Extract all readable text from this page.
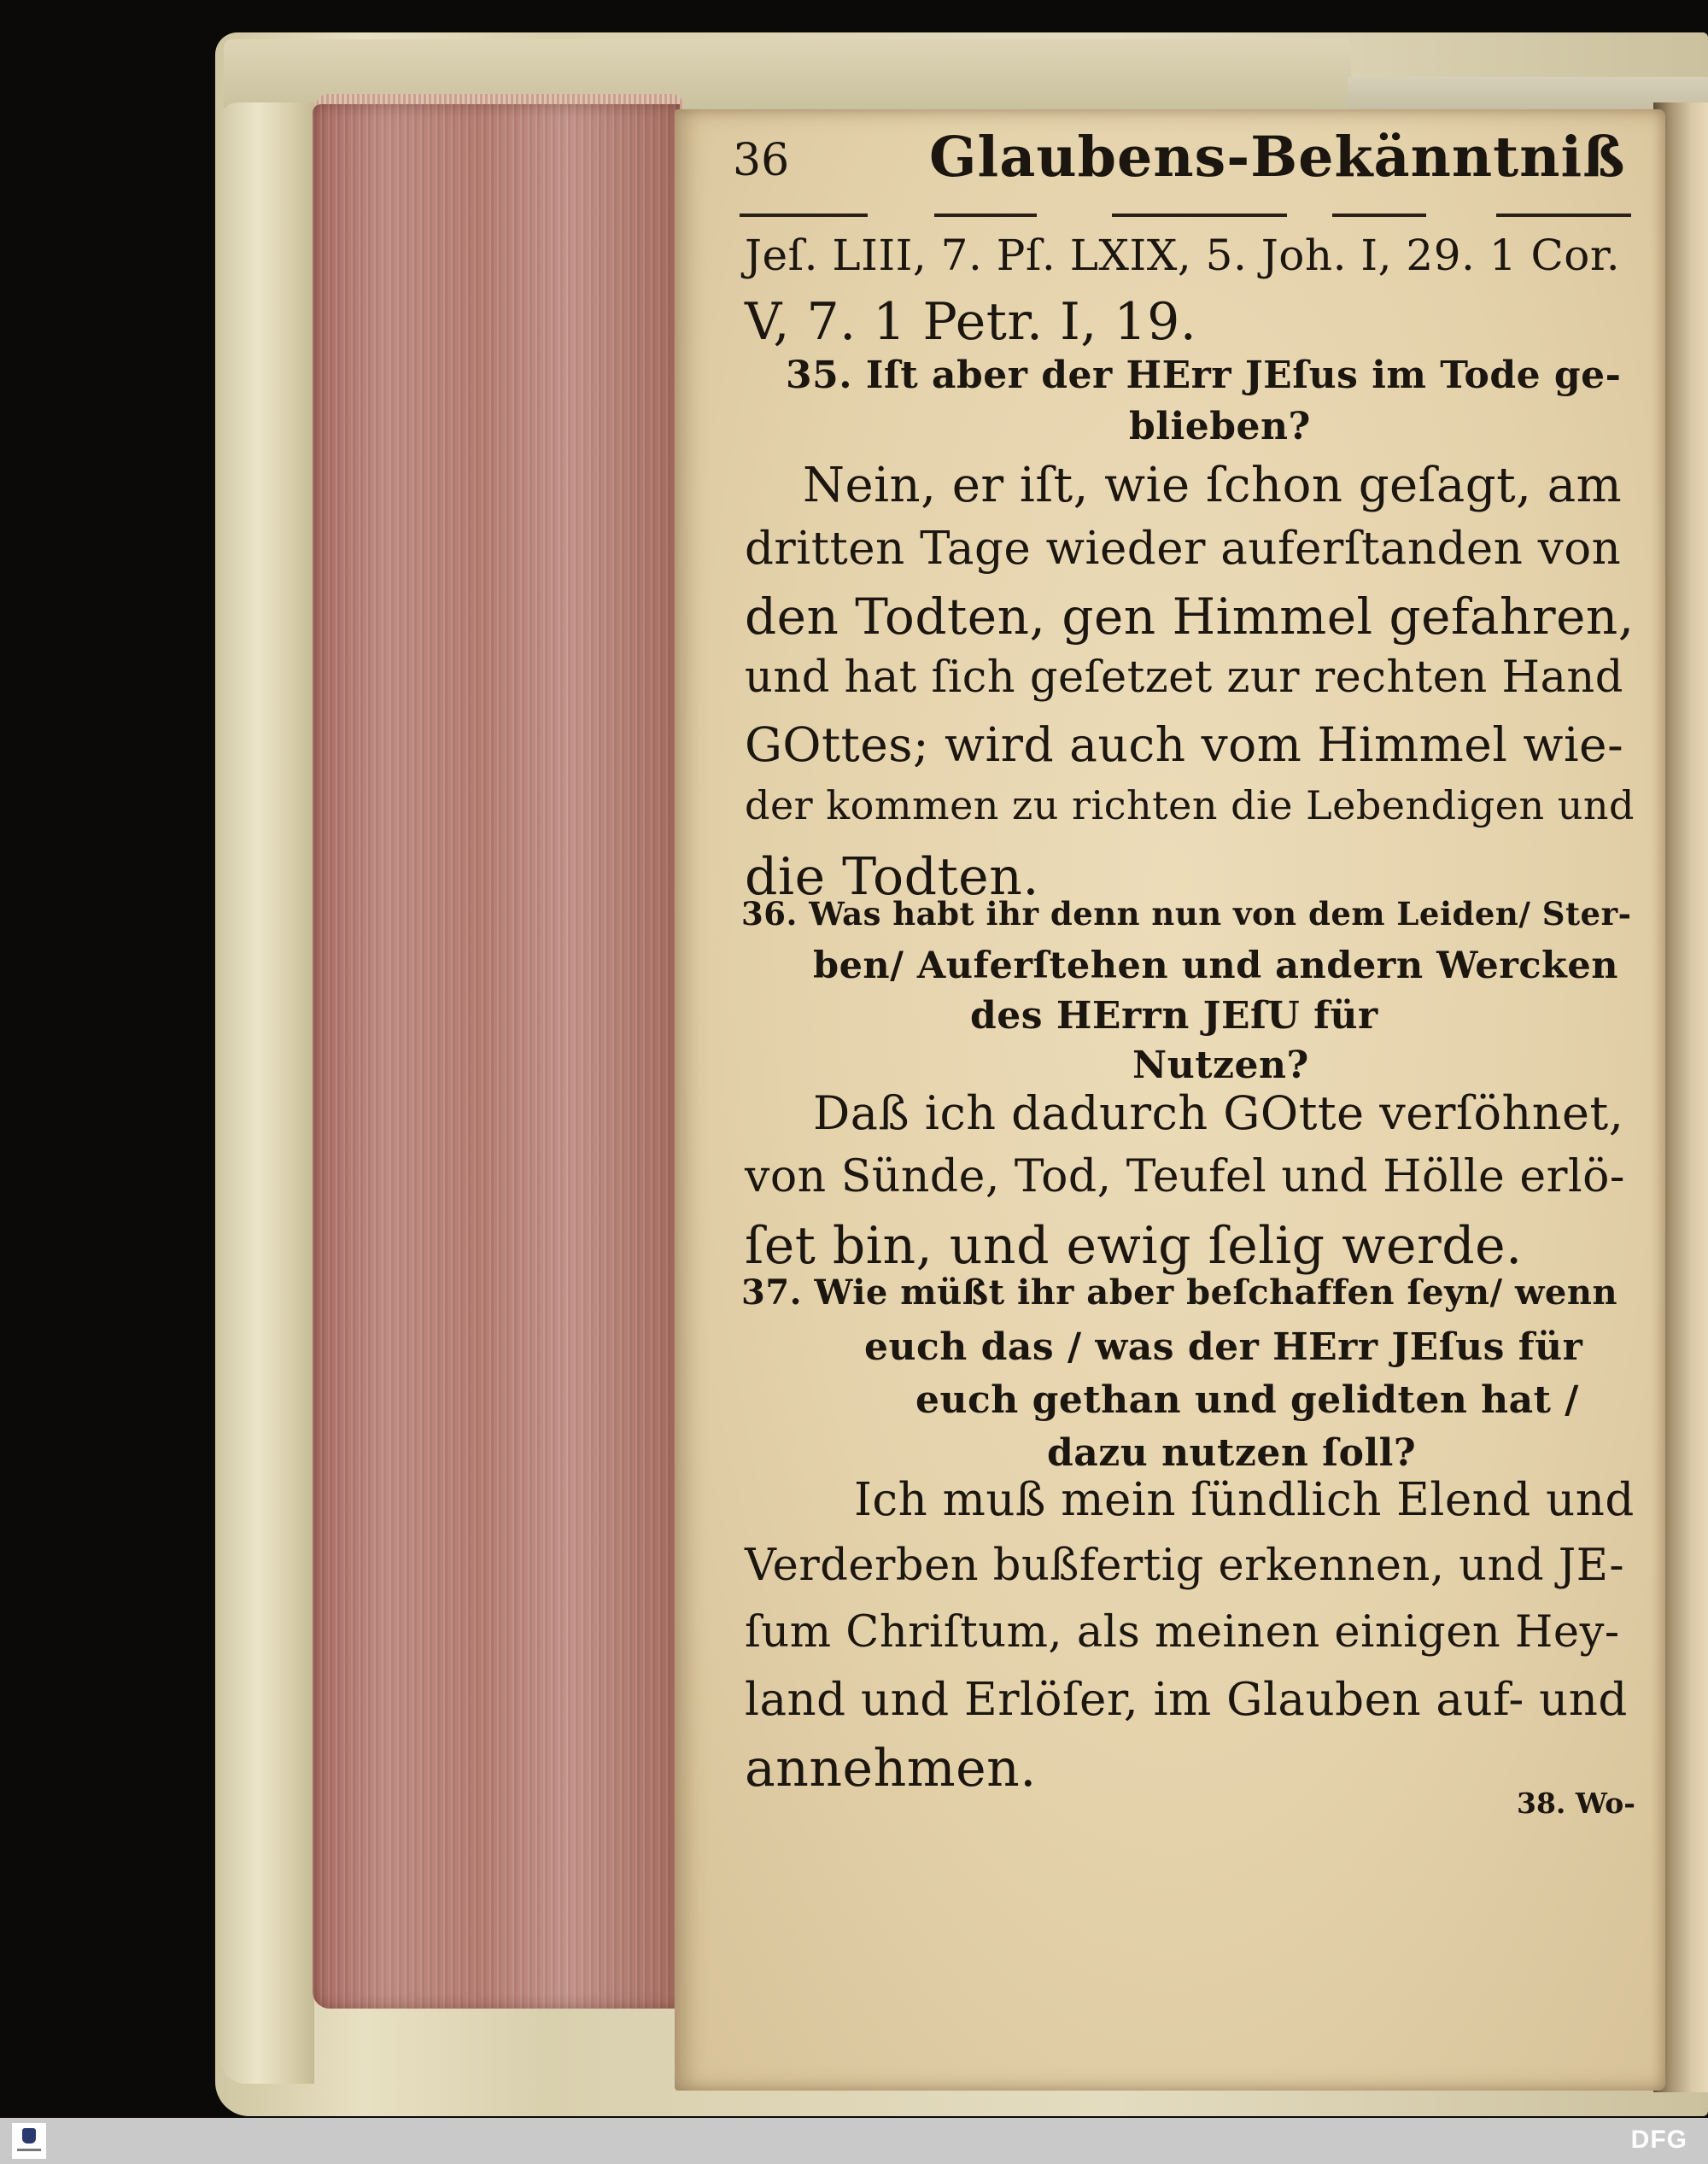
36	Glaubens-Bekänntniß
Jeſ. LIII, 7. Pſ. LXIX, 5. Joh. I, 29. 1 Cor.
V, 7. 1 Petr. I, 19.
35. Iſt aber der HErr JEſus im Tode ge-
blieben?
Nein, er iſt, wie ſchon geſagt, am
dritten Tage wieder auferſtanden von
den Todten, gen Himmel gefahren,
und hat ſich geſetzet zur rechten Hand
GOttes; wird auch vom Himmel wie-
der kommen zu richten die Lebendigen und
die Todten.
36. Was habt ihr denn nun von dem Leiden/ Ster-
ben/ Auferſtehen und andern Wercken
des HErrn JEſU für
Nutzen?
Daß ich dadurch GOtte verſöhnet,
von Sünde, Tod, Teufel und Hölle erlö-
ſet bin, und ewig ſelig werde.
37. Wie müßt ihr aber beſchaffen ſeyn/ wenn
euch das / was der HErr JEſus für
euch gethan und gelidten hat /
dazu nutzen ſoll?
Ich muß mein ſündlich Elend und
Verderben bußfertig erkennen, und JE-
ſum Chriſtum, als meinen einigen Hey-
land und Erlöſer, im Glauben auf- und
annehmen.
38. Wo-
DFG
